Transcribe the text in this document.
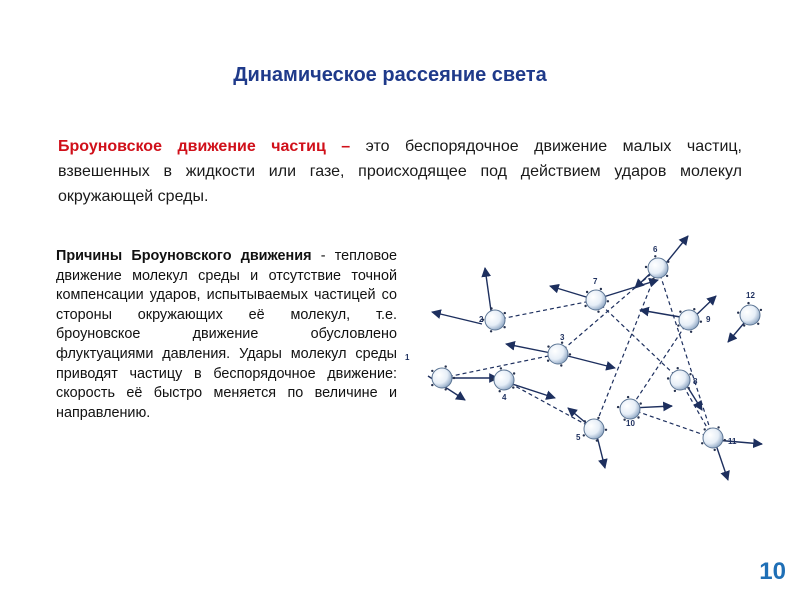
Динамическое рассеяние света
Броуновское движение частиц – это беспорядочное движение малых частиц, взвешенных в жидкости или газе, происходящее под действием ударов молекул окружающей среды.
Причины Броуновского движения - тепловое движение молекул среды и отсутствие точной компенсации ударов, испытываемых частицей со стороны окружающих её молекул, т.е. броуновское движение обусловлено флуктуациями давления. Удары молекул среды приводят частицу в беспорядочное движение: скорость её быстро меняется по величине и направлению.
1
2
3
4
5
6
7
8
9
10
11
12
10
